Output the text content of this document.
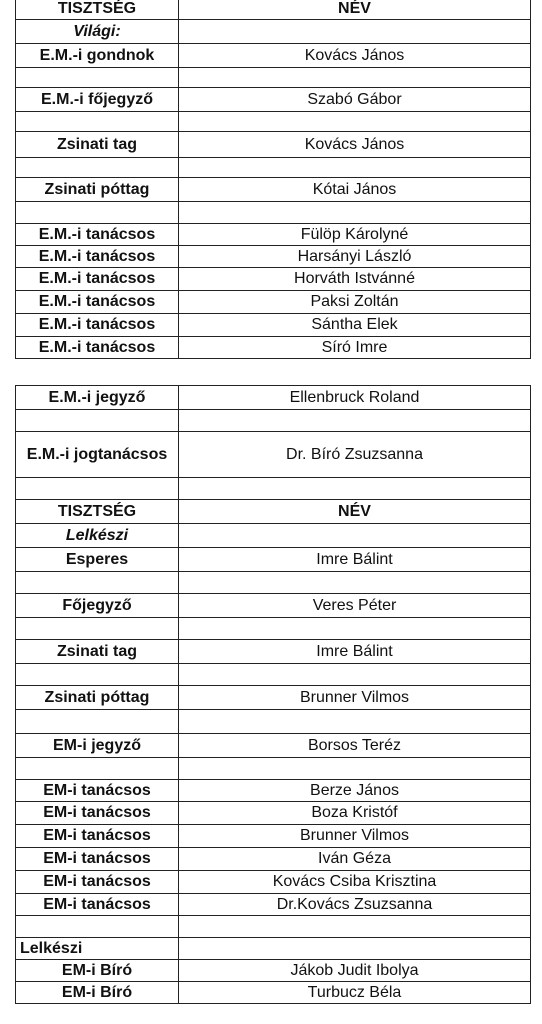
TISZTSÉG	NÉV
Világi:	
E.M.-i gondnok	Kovács János

E.M.-i főjegyző	Szabó Gábor

Zsinati tag	Kovács János

Zsinati póttag	Kótai János

E.M.-i tanácsos	Fülöp Károlyné
E.M.-i tanácsos	Harsányi László
E.M.-i tanácsos	Horváth Istvánné
E.M.-i tanácsos	Paksi Zoltán
E.M.-i tanácsos	Sántha Elek
E.M.-i tanácsos	Síró Imre
E.M.-i jegyző	Ellenbruck Roland

E.M.-i jogtanácsos	Dr. Bíró Zsuzsanna

TISZTSÉG	NÉV
Lelkészi	
Esperes	Imre Bálint

Főjegyző	Veres Péter

Zsinati tag	Imre Bálint

Zsinati póttag	Brunner Vilmos

EM-i jegyző	Borsos Teréz

EM-i tanácsos	Berze János
EM-i tanácsos	Boza Kristóf
EM-i tanácsos	Brunner Vilmos
EM-i tanácsos	Iván Géza
EM-i tanácsos	Kovács Csiba Krisztina
EM-i tanácsos	Dr.Kovács Zsuzsanna

Lelkészi	
EM-i Bíró	Jákob Judit Ibolya
EM-i Bíró	Turbucz Béla
